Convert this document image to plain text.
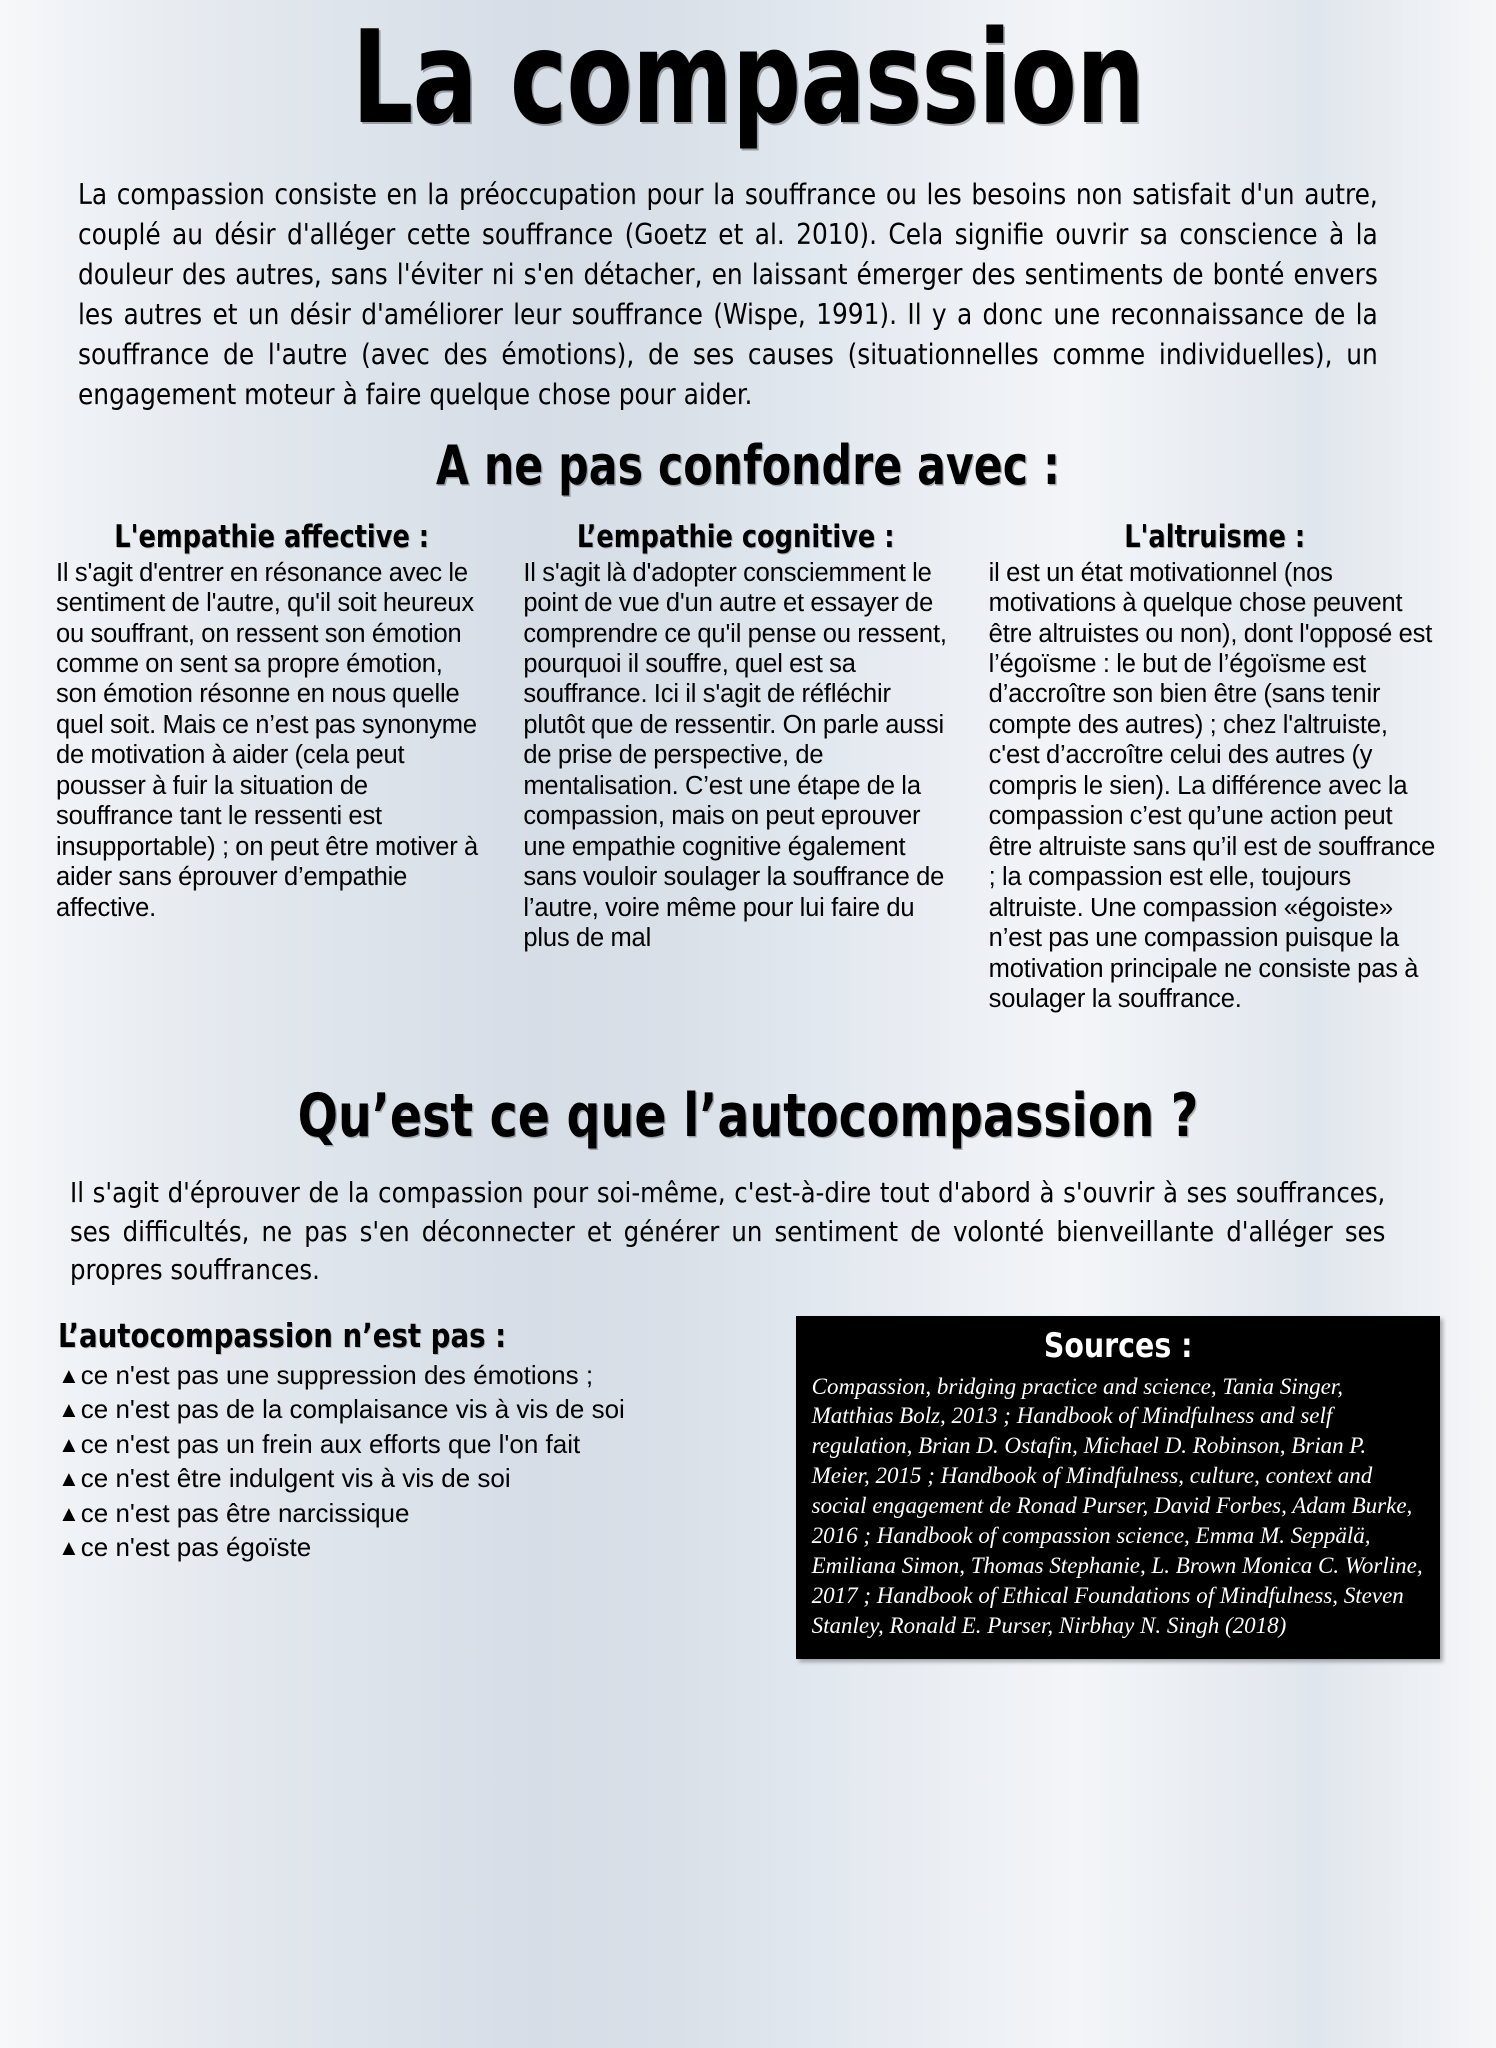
La compassion

La compassion consiste en la préoccupation pour la souffrance ou les besoins non satisfait d'un autre, couplé au désir d'alléger cette souffrance (Goetz et al. 2010). Cela signifie ouvrir sa conscience à la douleur des autres, sans l'éviter ni s'en détacher, en laissant émerger des sentiments de bonté envers les autres et un désir d'améliorer leur souffrance (Wispe, 1991). Il y a donc une reconnaissance de la souffrance de l'autre (avec des émotions), de ses causes (situationnelles comme individuelles), un engagement moteur à faire quelque chose pour aider.

A ne pas confondre avec :
L'empathie affective :
Il s'agit d'entrer en résonance avec le sentiment de l'autre, qu'il soit heureux ou souffrant, on ressent son émotion comme on sent sa propre émotion, son émotion résonne en nous quelle quel soit. Mais ce n’est pas synonyme de motivation à aider (cela peut pousser à fuir la situation de souffrance tant le ressenti est insupportable) ; on peut être motiver à aider sans éprouver d’empathie affective.
L’empathie cognitive :
Il s'agit là d'adopter consciemment le point de vue d'un autre et essayer de comprendre ce qu'il pense ou ressent, pourquoi il souffre, quel est sa souffrance. Ici il s'agit de réfléchir plutôt que de ressentir. On parle aussi de prise de perspective, de mentalisation. C’est une étape de la compassion, mais on peut eprouver une empathie cognitive également sans vouloir soulager la souffrance de l’autre, voire même pour lui faire du plus de mal
L'altruisme :
il est un état motivationnel (nos motivations à quelque chose peuvent être altruistes ou non), dont l'opposé est l’égoïsme : le but de l’égoïsme est d’accroître son bien être (sans tenir compte des autres) ; chez l'altruiste, c'est d’accroître celui des autres (y compris le sien). La différence avec la compassion c’est qu’une action peut être altruiste sans qu’il est de souffrance ; la compassion est elle, toujours altruiste. Une compassion «égoiste» n’est pas une compassion puisque la motivation principale ne consiste pas à soulager la souffrance.
Qu’est ce que l’autocompassion ?

Il s'agit d'éprouver de la compassion pour soi-même, c'est-à-dire tout d'abord à s'ouvrir à ses souffrances, ses difficultés, ne pas s'en déconnecter et générer un sentiment de volonté bienveillante d'alléger ses propres souffrances.

L’autocompassion n’est pas :
▲ce n'est pas une suppression des émotions ;
▲ce n'est pas de la complaisance vis à vis de soi
▲ce n'est pas un frein aux efforts que l'on fait
▲ce n'est être indulgent vis à vis de soi
▲ce n'est pas être narcissique
▲ce n'est pas égoïste
Sources :

Compassion, bridging practice and science, Tania Singer, Matthias Bolz, 2013 ; Handbook of Mindfulness and self regulation, Brian D. Ostafin, Michael D. Robinson, Brian P. Meier, 2015 ; Handbook of Mindfulness, culture, context and social engagement de Ronad Purser, David Forbes, Adam Burke, 2016 ; Handbook of compassion science, Emma M. Seppälä, Emiliana Simon, Thomas Stephanie, L. Brown Monica C. Worline, 2017 ; Handbook of Ethical Foundations of Mindfulness, Steven Stanley, Ronald E. Purser, Nirbhay N. Singh (2018)
